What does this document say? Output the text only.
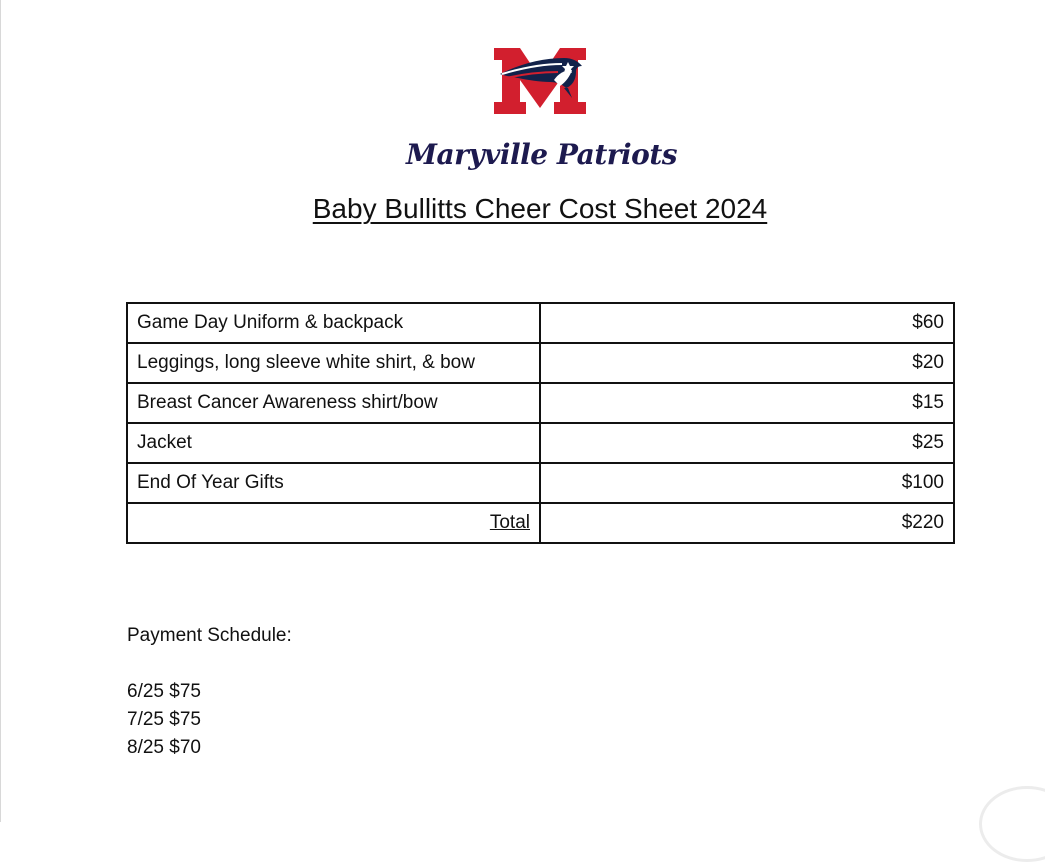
Maryville Patriots
Baby Bullitts Cheer Cost Sheet 2024
Game Day Uniform & backpack	$60
Leggings, long sleeve white shirt, & bow	$20
Breast Cancer Awareness shirt/bow	$15
Jacket	$25
End Of Year Gifts	$100
Total	$220
Payment Schedule:
6/25 $75
7/25 $75
8/25 $70
